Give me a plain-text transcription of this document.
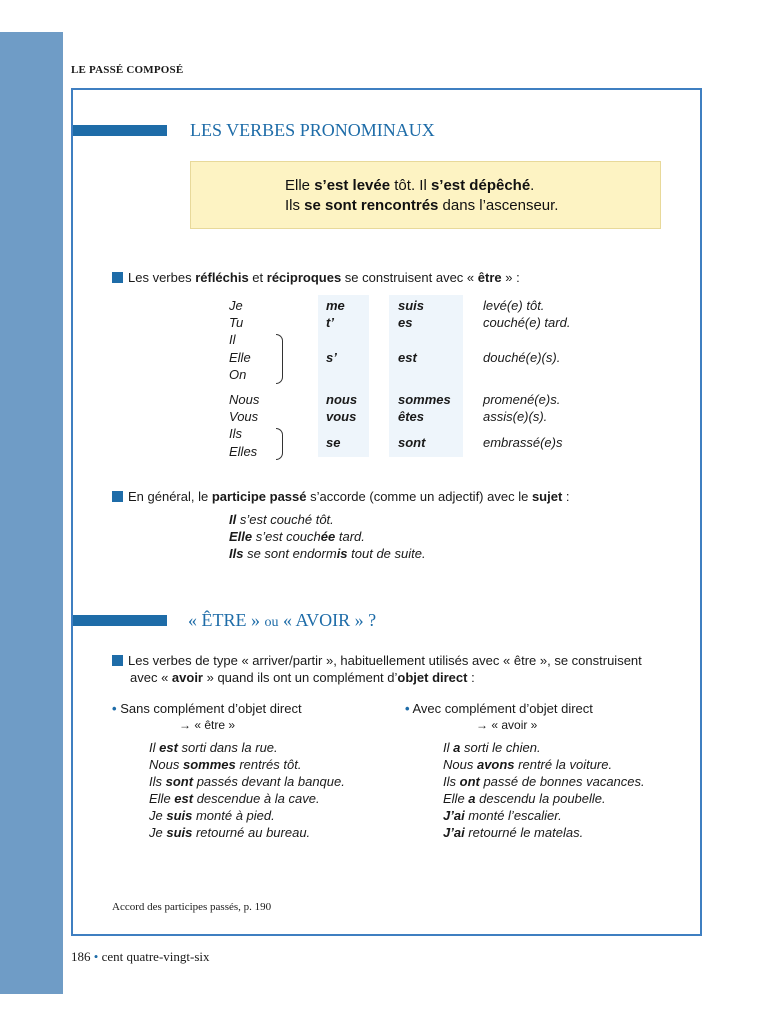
LE PASSÉ COMPOSÉ
LES VERBES PRONOMINAUX
Elle s’est levée tôt. Il s’est dépêché.
Ils se sont rencontrés dans l’ascenseur.
Les verbes réfléchis et réciproques se construisent avec « être » :
Je
Tu
Il
Elle
On
Nous
Vous
Ils
Elles
me
t’
s’
nous
vous
se
suis
es
est
sommes
êtes
sont
levé(e) tôt.
couché(e) tard.
douché(e)(s).
promené(e)s.
assis(e)(s).
embrassé(e)s
En général, le participe passé s’accorde (comme un adjectif) avec le sujet :
Il s’est couché tôt.
Elle s’est couchée tard.
Ils se sont endormis tout de suite.
« ÊTRE » ou « AVOIR » ?
Les verbes de type « arriver/partir », habituellement utilisés avec « être », se construisent
avec « avoir » quand ils ont un complément d’objet direct :
• Sans complément d’objet direct
→ « être »
Il est sorti dans la rue.
Nous sommes rentrés tôt.
Ils sont passés devant la banque.
Elle est descendue à la cave.
Je suis monté à pied.
Je suis retourné au bureau.
• Avec complément d’objet direct
→ « avoir »
Il a sorti le chien.
Nous avons rentré la voiture.
Ils ont passé de bonnes vacances.
Elle a descendu la poubelle.
J’ai monté l’escalier.
J’ai retourné le matelas.
Accord des participes passés, p. 190
186 • cent quatre-vingt-six
